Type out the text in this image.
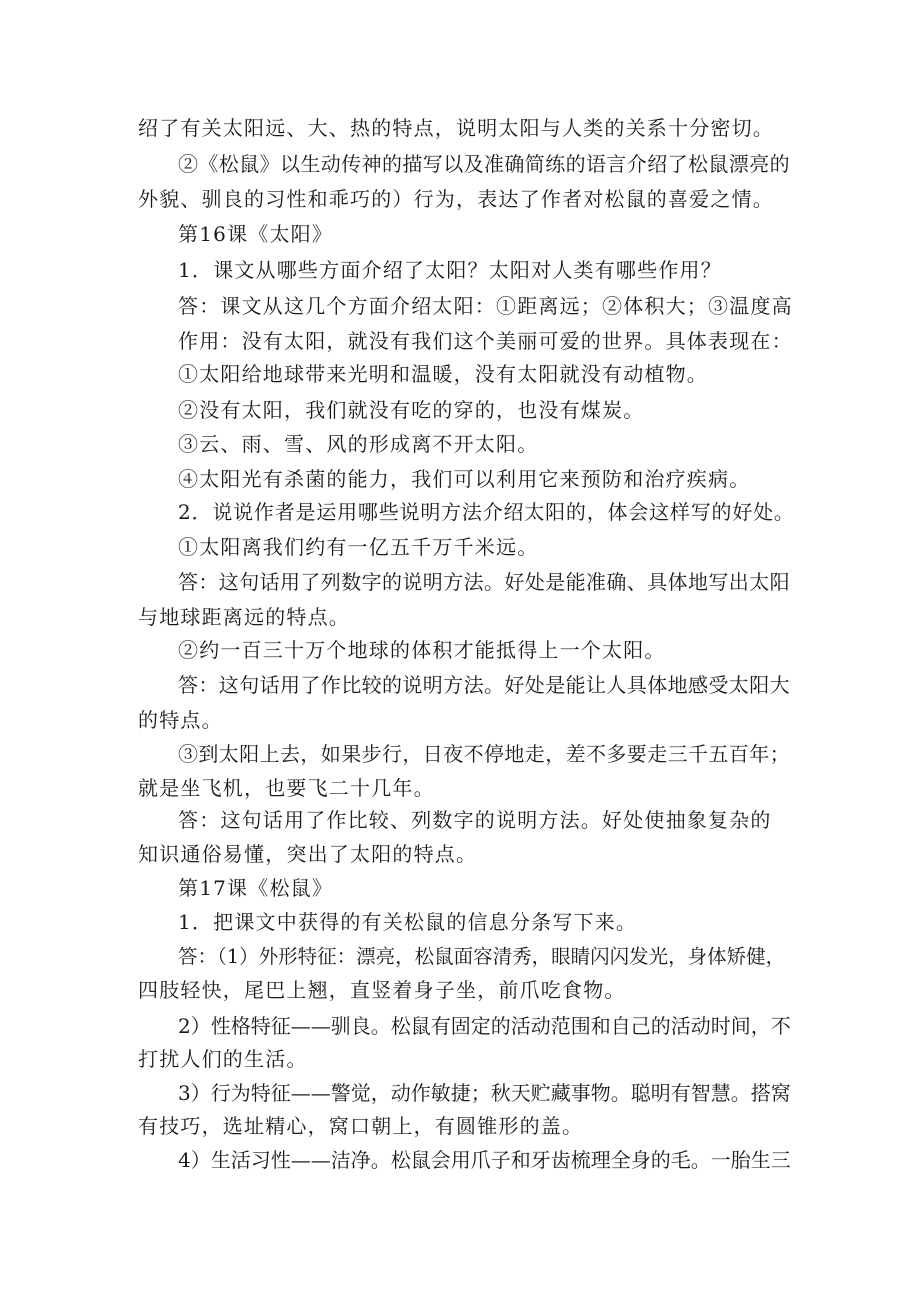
绍了有关太阳远、大、热的特点，说明太阳与人类的关系十分密切。
②《松鼠》以生动传神的描写以及准确简练的语言介绍了松鼠漂亮的
外貌、驯良的习性和乖巧的）行为，表达了作者对松鼠的喜爱之情。
第16课《太阳》
1．课文从哪些方面介绍了太阳？太阳对人类有哪些作用？
答：课文从这几个方面介绍太阳：①距离远；②体积大；③温度高
作用：没有太阳，就没有我们这个美丽可爱的世界。具体表现在：
①太阳给地球带来光明和温暖，没有太阳就没有动植物。
②没有太阳，我们就没有吃的穿的，也没有煤炭。
③云、雨、雪、风的形成离不开太阳。
④太阳光有杀菌的能力，我们可以利用它来预防和治疗疾病。
2．说说作者是运用哪些说明方法介绍太阳的，体会这样写的好处。
①太阳离我们约有一亿五千万千米远。
答：这句话用了列数字的说明方法。好处是能准确、具体地写出太阳
与地球距离远的特点。
②约一百三十万个地球的体积才能抵得上一个太阳。
答：这句话用了作比较的说明方法。好处是能让人具体地感受太阳大
的特点。
③到太阳上去，如果步行，日夜不停地走，差不多要走三千五百年；
就是坐飞机，也要飞二十几年。
答：这句话用了作比较、列数字的说明方法。好处使抽象复杂的
知识通俗易懂，突出了太阳的特点。
第17课《松鼠》
1．把课文中获得的有关松鼠的信息分条写下来。
答：（1）外形特征：漂亮，松鼠面容清秀，眼睛闪闪发光，身体矫健，
四肢轻快，尾巴上翘，直竖着身子坐，前爪吃食物。
2）性格特征——驯良。松鼠有固定的活动范围和自己的活动时间，不
打扰人们的生活。
3）行为特征——警觉，动作敏捷；秋天贮藏事物。聪明有智慧。搭窝
有技巧，选址精心，窝口朝上，有圆锥形的盖。
4）生活习性——洁净。松鼠会用爪子和牙齿梳理全身的毛。一胎生三
